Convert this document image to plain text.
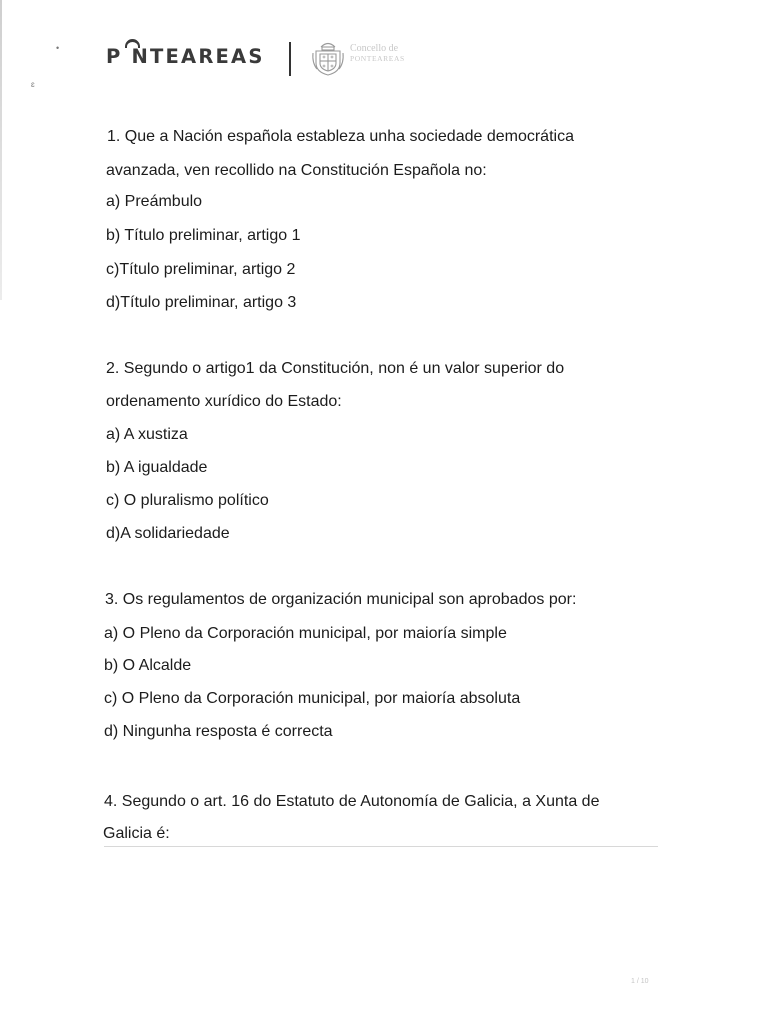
•
ɛ
P NTEAREAS	Concello de
PONTEAREAS
1. Que a Nación española estableza unha sociedade democrática
avanzada, ven recollido na Constitución Española no:
a) Preámbulo
b) Título preliminar, artigo 1
c)Título preliminar, artigo 2
d)Título preliminar, artigo 3
2. Segundo o artigo1 da Constitución, non é un valor superior do
ordenamento xurídico do Estado:
a) A xustiza
b) A igualdade
c) O pluralismo político
d)A solidariedade
3. Os regulamentos de organización municipal son aprobados por:
a) O Pleno da Corporación municipal, por maioría simple
b) O Alcalde
c) O Pleno da Corporación municipal, por maioría absoluta
d) Ningunha resposta é correcta
4. Segundo o art. 16 do Estatuto de Autonomía de Galicia, a Xunta de
Galicia é:
1 / 10
